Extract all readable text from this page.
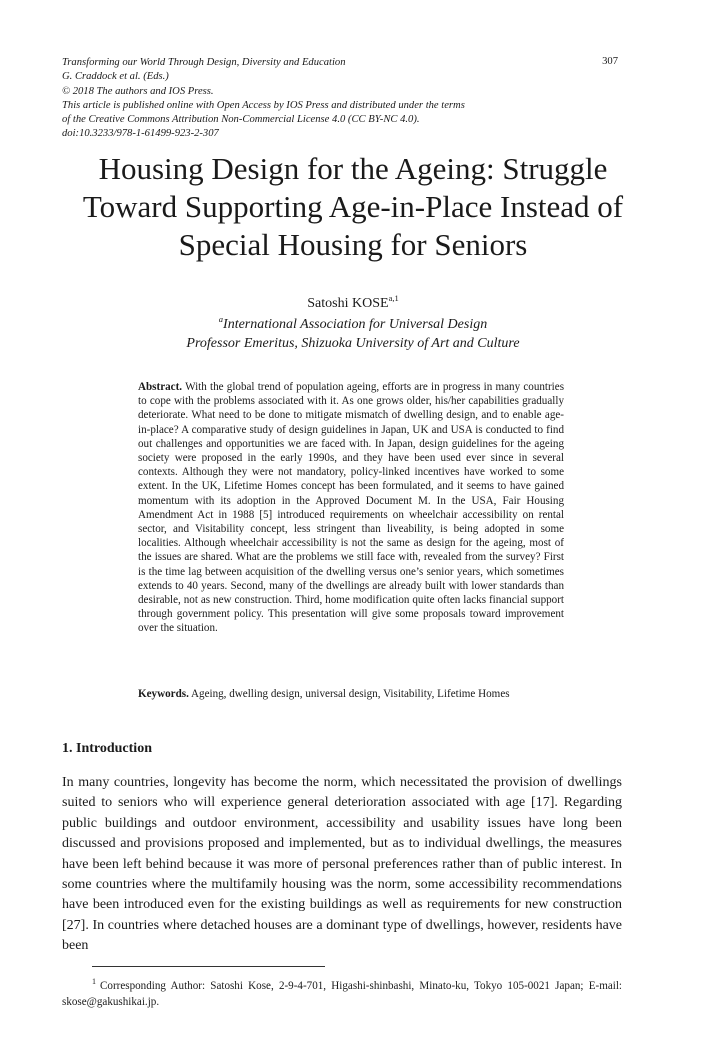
Transforming our World Through Design, Diversity and Education
G. Craddock et al. (Eds.)
© 2018 The authors and IOS Press.
This article is published online with Open Access by IOS Press and distributed under the terms
of the Creative Commons Attribution Non-Commercial License 4.0 (CC BY-NC 4.0).
doi:10.3233/978-1-61499-923-2-307
307
Housing Design for the Ageing: Struggle
Toward Supporting Age-in-Place Instead of
Special Housing for Seniors
Satoshi KOSE$^{a,1}$
$^a$International Association for Universal Design
Professor Emeritus, Shizuoka University of Art and Culture
Abstract. With the global trend of population ageing, efforts are in progress in many countries to cope with the problems associated with it. As one grows older, his/her capabilities gradually deteriorate. What need to be done to mitigate mismatch of dwelling design, and to enable age-in-place? A comparative study of design guidelines in Japan, UK and USA is conducted to find out challenges and opportunities we are faced with. In Japan, design guidelines for the ageing society were proposed in the early 1990s, and they have been used ever since in several contexts. Although they were not mandatory, policy-linked incentives have worked to some extent. In the UK, Lifetime Homes concept has been formulated, and it seems to have gained momentum with its adoption in the Approved Document M. In the USA, Fair Housing Amendment Act in 1988 [5] introduced requirements on wheelchair accessibility on rental sector, and Visitability concept, less stringent than liveability, is being adopted in some localities. Although wheelchair accessibility is not the same as design for the ageing, most of the issues are shared. What are the problems we still face with, revealed from the survey? First is the time lag between acquisition of the dwelling versus one’s senior years, which sometimes extends to 40 years. Second, many of the dwellings are already built with lower standards than desirable, not as new construction. Third, home modification quite often lacks financial support through government policy. This presentation will give some proposals toward improvement over the situation.
Keywords. Ageing, dwelling design, universal design, Visitability, Lifetime Homes
1. Introduction

In many countries, longevity has become the norm, which necessitated the provision of dwellings suited to seniors who will experience general deterioration associated with age [17]. Regarding public buildings and outdoor environment, accessibility and usability issues have long been discussed and provisions proposed and implemented, but as to individual dwellings, the measures have been left behind because it was more of personal preferences rather than of public interest. In some countries where the multifamily housing was the norm, some accessibility recommendations have been introduced even for the existing buildings as well as requirements for new construction [27]. In countries where detached houses are a dominant type of dwellings, however, residents have been

$^1$ Corresponding Author: Satoshi Kose, 2-9-4-701, Higashi-shinbashi, Minato-ku, Tokyo 105-0021 Japan; E-mail: skose@gakushikai.jp.
